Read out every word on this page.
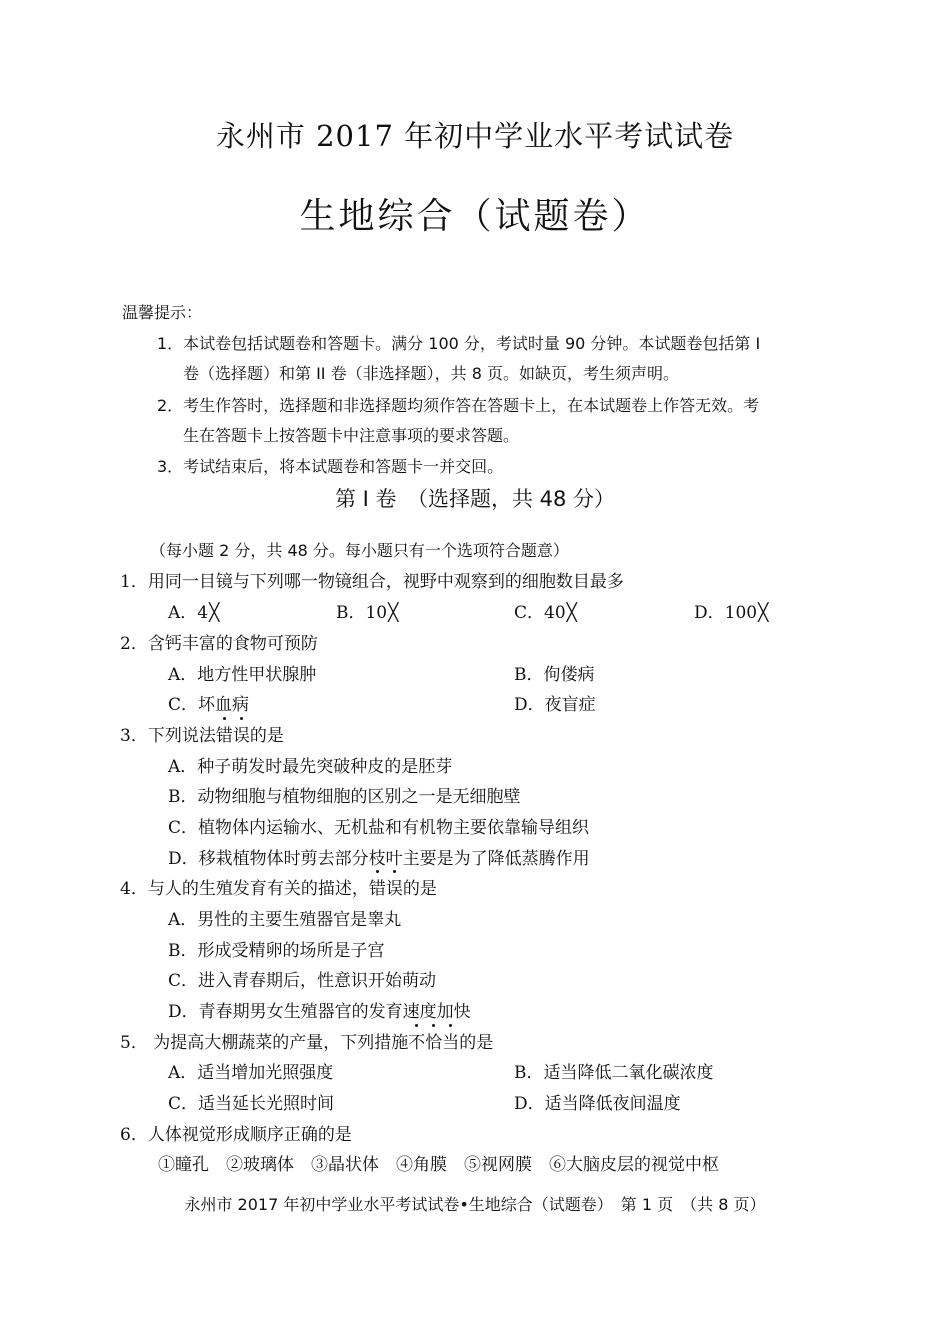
永州市 2017 年初中学业水平考试试卷
生地综合（试题卷）
温馨提示：
1．本试卷包括试题卷和答题卡。满分 100 分，考试时量 90 分钟。本试题卷包括第 I
卷（选择题）和第 II 卷（非选择题），共 8 页。如缺页，考生须声明。
2．考生作答时，选择题和非选择题均须作答在答题卡上，在本试题卷上作答无效。考
生在答题卡上按答题卡中注意事项的要求答题。
3．考试结束后，将本试题卷和答题卡一并交回。
第 I 卷　（选择题，共 48 分）
（每小题 2 分，共 48 分。每小题只有一个选项符合题意）
1．用同一目镜与下列哪一物镜组合，视野中观察到的细胞数目最多
A．4╳	B．10╳	C．40╳	D．100╳
2．含钙丰富的食物可预防
A．地方性甲状腺肿	B．佝偻病
C．坏血病	D．夜盲症
3．下列说法错误的是
A．种子萌发时最先突破种皮的是胚芽
B．动物细胞与植物细胞的区别之一是无细胞壁
C．植物体内运输水、无机盐和有机物主要依靠输导组织
D．移栽植物体时剪去部分枝叶主要是为了降低蒸腾作用
4．与人的生殖发育有关的描述，错误的是
A．男性的主要生殖器官是睾丸
B．形成受精卵的场所是子宫
C．进入青春期后，性意识开始萌动
D．青春期男女生殖器官的发育速度加快
5． 为提高大棚蔬菜的产量，下列措施不恰当的是
A．适当增加光照强度	B．适当降低二氧化碳浓度
C．适当延长光照时间	D．适当降低夜间温度
6．人体视觉形成顺序正确的是
①瞳孔　②玻璃体　③晶状体　④角膜　⑤视网膜　⑥大脑皮层的视觉中枢
永州市 2017 年初中学业水平考试试卷•生地综合（试题卷）　第 1 页　（共 8 页）
